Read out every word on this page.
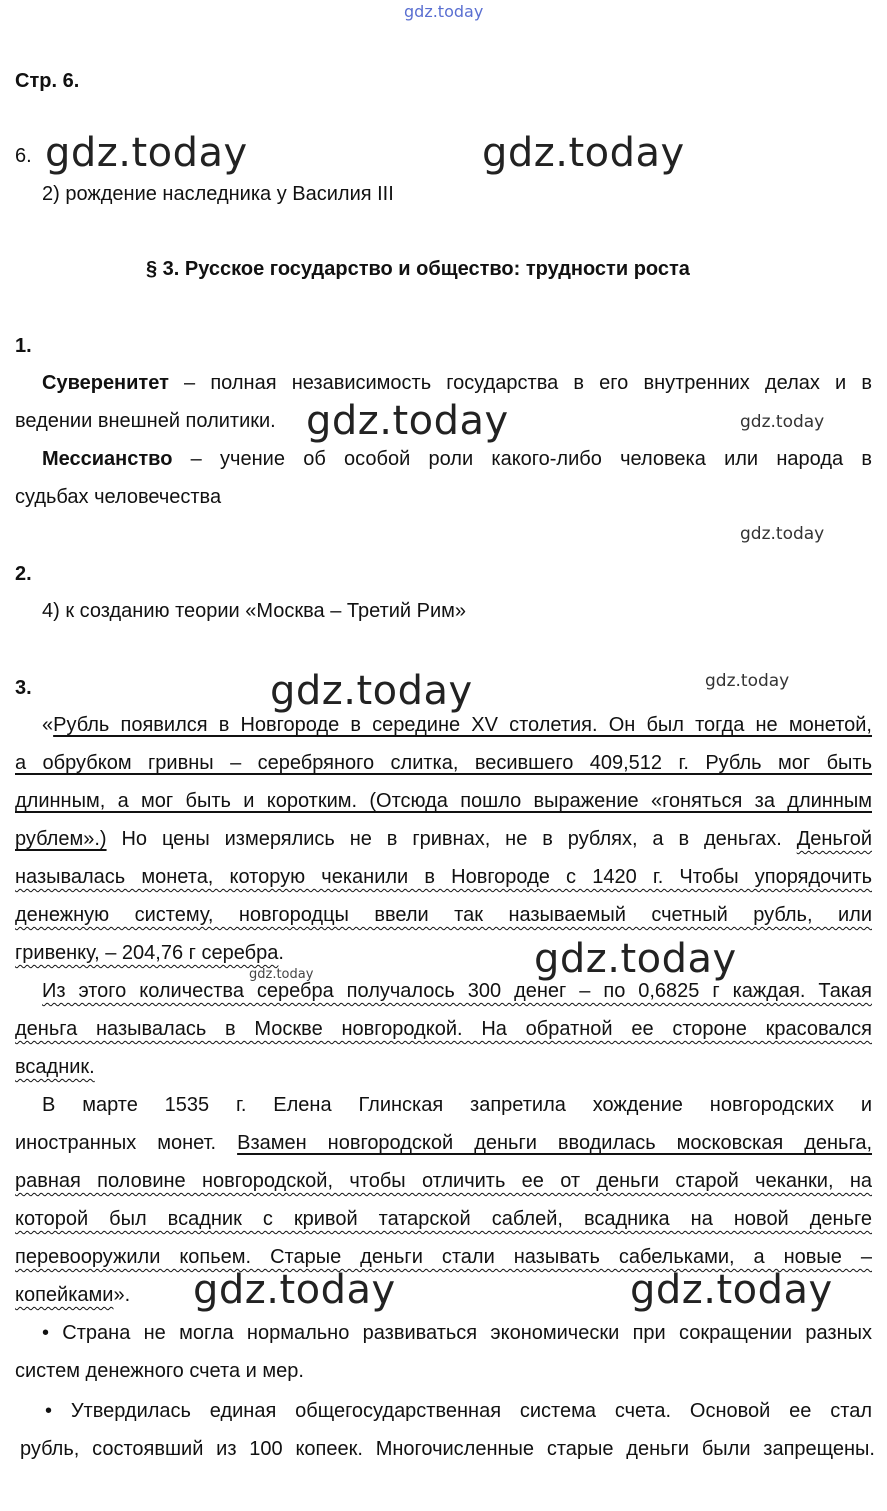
gdz.today
Стр. 6.
6. gdz.today	gdz.today
2) рождение наследника у Василия III
§ 3. Русское государство и общество: трудности роста
1.
Суверенитет – полная независимость государства в его внутренних делах и в
ведении внешней политики. gdz.today	gdz.today
Мессианство – учение об особой роли какого-либо человека или народа в
судьбах человечества
gdz.today
2.
4) к созданию теории «Москва – Третий Рим»
3.	gdz.today	gdz.today
«Рубль появился в Новгороде в середине XV столетия. Он был тогда не монетой,
а обрубком гривны – серебряного слитка, весившего 409,512 г. Рубль мог быть
длинным, а мог быть и коротким. (Отсюда пошло выражение «гоняться за длинным
рублем».) Но цены измерялись не в гривнах, не в рублях, а в деньгах. Деньгой
называлась монета, которую чеканили в Новгороде с 1420 г. Чтобы упорядочить
денежную систему, новгородцы ввели так называемый счетный рубль, или
гривенку, – 204,76 г серебра.	gdz.today
gdz.today
Из этого количества серебра получалось 300 денег – по 0,6825 г каждая. Такая
деньга называлась в Москве новгородкой. На обратной ее стороне красовался
всадник.
В марте 1535 г. Елена Глинская запретила хождение новгородских и
иностранных монет. Взамен новгородской деньги вводилась московская деньга,
равная половине новгородской, чтобы отличить ее от деньги старой чеканки, на
которой был всадник с кривой татарской саблей, всадника на новой деньге
перевооружили копьем. Старые деньги стали называть сабельками, а новые –
копейками».	gdz.today	gdz.today
• Страна не могла нормально развиваться экономически при сокращении разных
систем денежного счета и мер.
• Утвердилась единая общегосударственная система счета. Основой ее стал
рубль, состоявший из 100 копеек. Многочисленные старые деньги были запрещены.
